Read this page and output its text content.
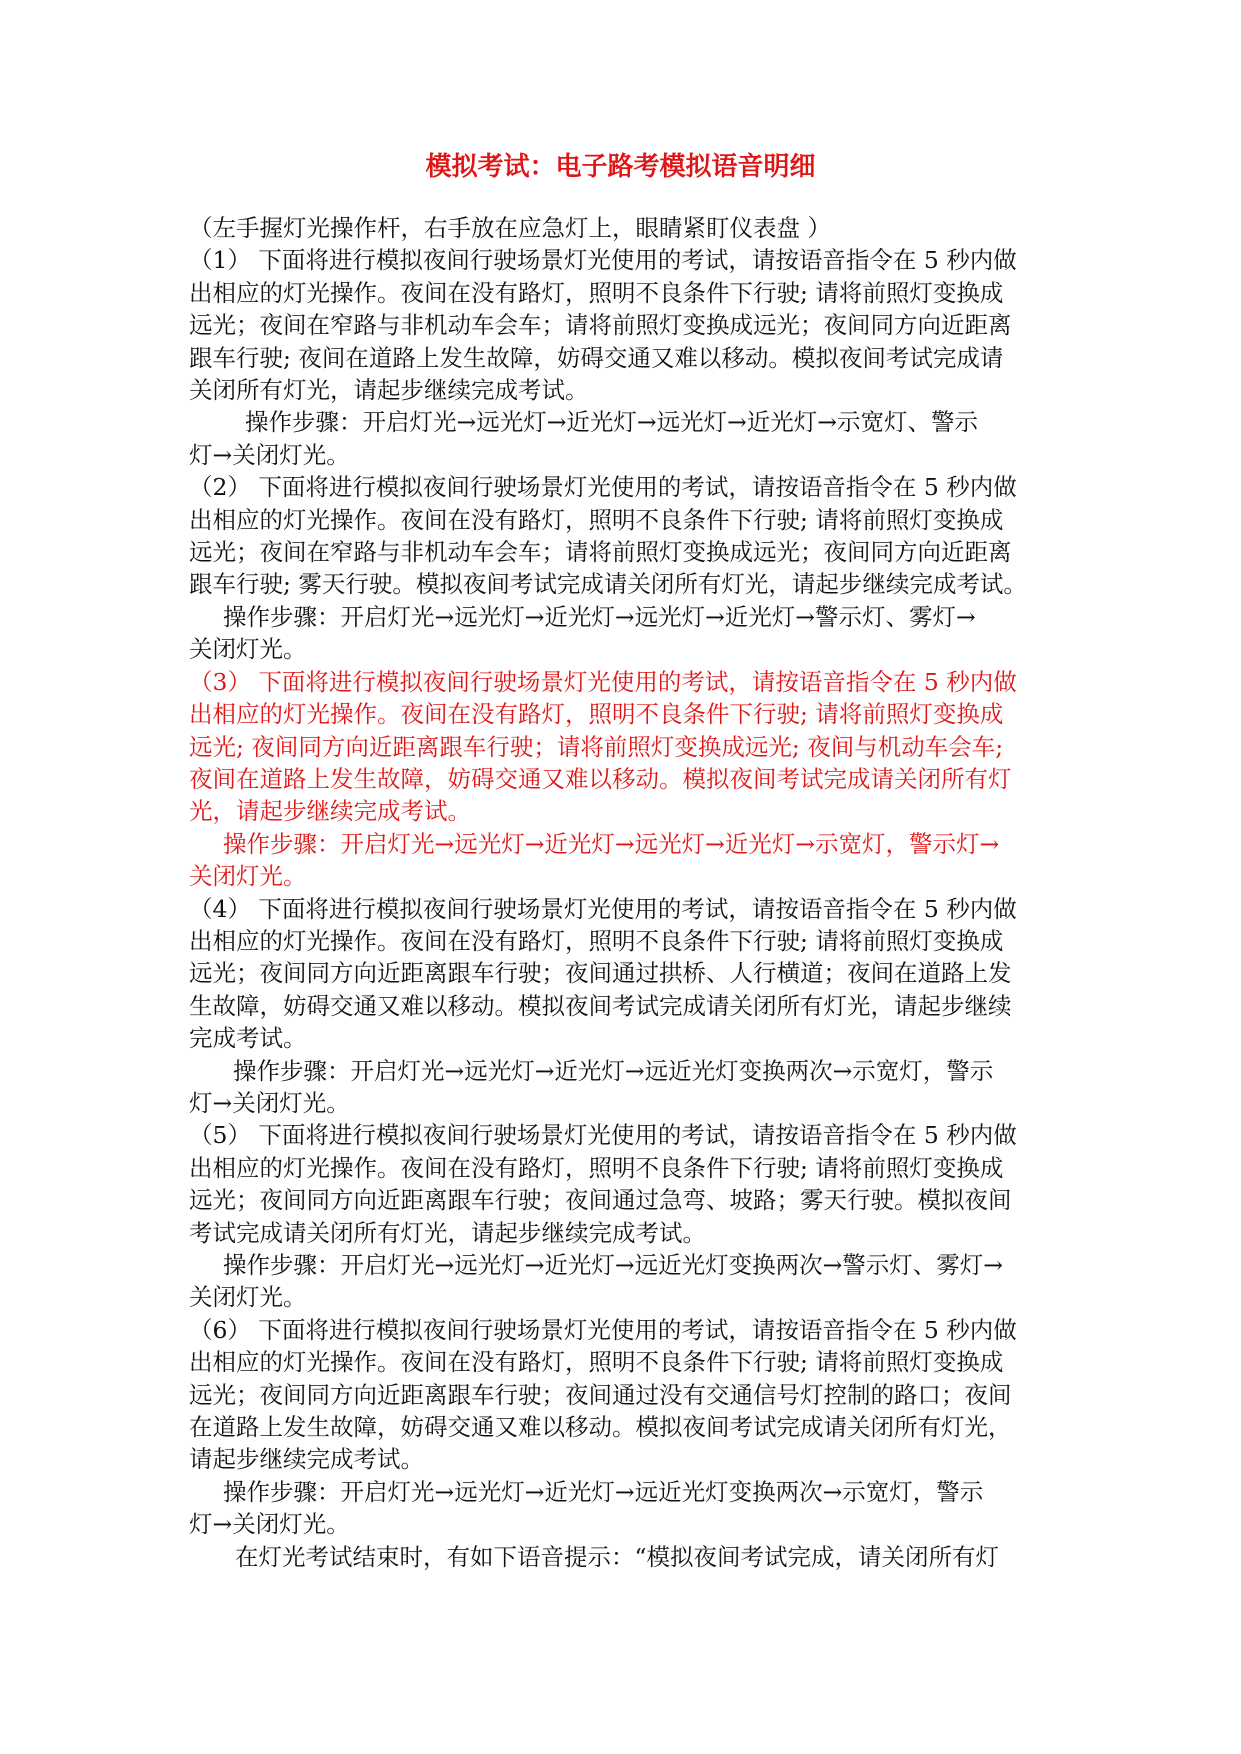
模拟考试：电子路考模拟语音明细

（左手握灯光操作杆，右手放在应急灯上，眼睛紧盯仪表盘 ）

（1） 下面将进行模拟夜间行驶场景灯光使用的考试，请按语音指令在 5 秒内做
出相应的灯光操作。夜间在没有路灯，照明不良条件下行驶; 请将前照灯变换成
远光；夜间在窄路与非机动车会车；请将前照灯变换成远光；夜间同方向近距离
跟车行驶; 夜间在道路上发生故障，妨碍交通又难以移动。模拟夜间考试完成请
关闭所有灯光，请起步继续完成考试。
操作步骤：开启灯光→远光灯→近光灯→远光灯→近光灯→示宽灯、警示
灯→关闭灯光。
（2） 下面将进行模拟夜间行驶场景灯光使用的考试，请按语音指令在 5 秒内做
出相应的灯光操作。夜间在没有路灯，照明不良条件下行驶; 请将前照灯变换成
远光；夜间在窄路与非机动车会车；请将前照灯变换成远光；夜间同方向近距离
跟车行驶; 雾天行驶。模拟夜间考试完成请关闭所有灯光，请起步继续完成考试。
操作步骤：开启灯光→远光灯→近光灯→远光灯→近光灯→警示灯、雾灯→
关闭灯光。
（3） 下面将进行模拟夜间行驶场景灯光使用的考试，请按语音指令在 5 秒内做
出相应的灯光操作。夜间在没有路灯，照明不良条件下行驶; 请将前照灯变换成
远光; 夜间同方向近距离跟车行驶；请将前照灯变换成远光; 夜间与机动车会车;
夜间在道路上发生故障，妨碍交通又难以移动。模拟夜间考试完成请关闭所有灯
光，请起步继续完成考试。
操作步骤：开启灯光→远光灯→近光灯→远光灯→近光灯→示宽灯，警示灯→
关闭灯光。
（4） 下面将进行模拟夜间行驶场景灯光使用的考试，请按语音指令在 5 秒内做
出相应的灯光操作。夜间在没有路灯，照明不良条件下行驶; 请将前照灯变换成
远光；夜间同方向近距离跟车行驶；夜间通过拱桥、人行横道；夜间在道路上发
生故障，妨碍交通又难以移动。模拟夜间考试完成请关闭所有灯光，请起步继续
完成考试。
操作步骤：开启灯光→远光灯→近光灯→远近光灯变换两次→示宽灯，警示
灯→关闭灯光。
（5） 下面将进行模拟夜间行驶场景灯光使用的考试，请按语音指令在 5 秒内做
出相应的灯光操作。夜间在没有路灯，照明不良条件下行驶; 请将前照灯变换成
远光；夜间同方向近距离跟车行驶；夜间通过急弯、坡路；雾天行驶。模拟夜间
考试完成请关闭所有灯光，请起步继续完成考试。
操作步骤：开启灯光→远光灯→近光灯→远近光灯变换两次→警示灯、雾灯→
关闭灯光。
（6） 下面将进行模拟夜间行驶场景灯光使用的考试，请按语音指令在 5 秒内做
出相应的灯光操作。夜间在没有路灯，照明不良条件下行驶; 请将前照灯变换成
远光；夜间同方向近距离跟车行驶；夜间通过没有交通信号灯控制的路口；夜间
在道路上发生故障，妨碍交通又难以移动。模拟夜间考试完成请关闭所有灯光，
请起步继续完成考试。
操作步骤：开启灯光→远光灯→近光灯→远近光灯变换两次→示宽灯，警示
灯→关闭灯光。
在灯光考试结束时，有如下语音提示：“模拟夜间考试完成，请关闭所有灯
